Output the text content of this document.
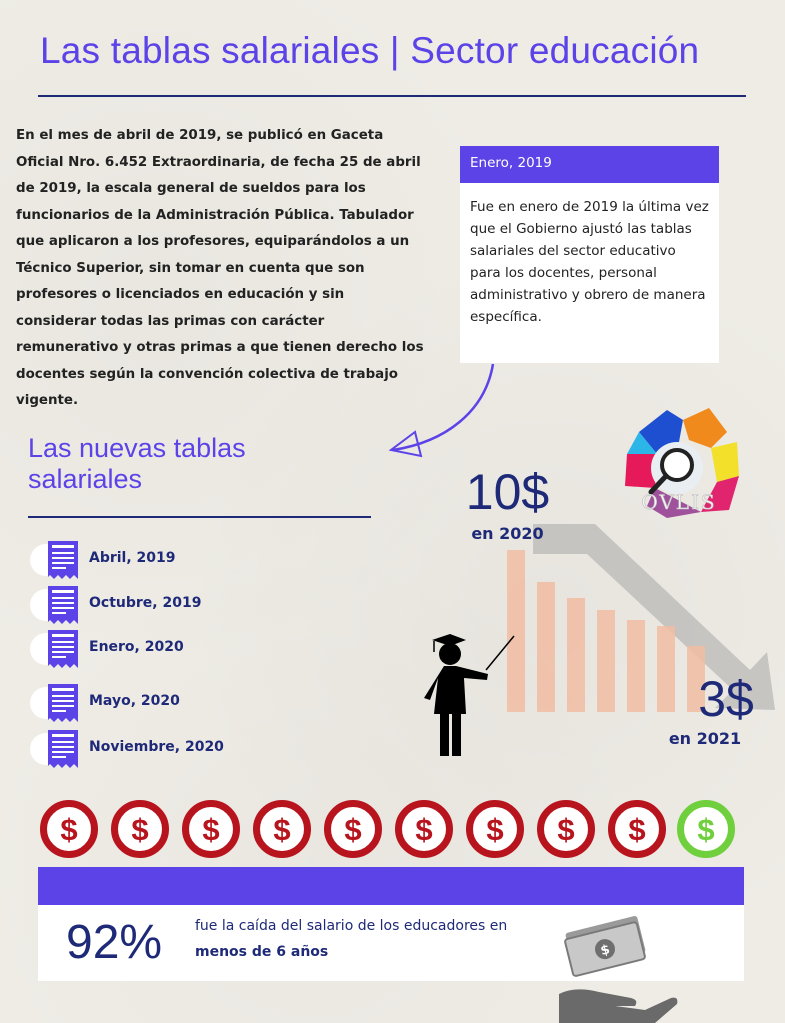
Las tablas salariales | Sector educación
En el mes de abril de 2019, se publicó en Gaceta Oficial Nro. 6.452 Extraordinaria, de fecha 25 de abril de 2019, la escala general de sueldos para los funcionarios de la Administración Pública. Tabulador que aplicaron a los profesores, equiparándolos a un Técnico Superior, sin tomar en cuenta que son profesores o licenciados en educación y sin considerar todas las primas con carácter remunerativo y otras primas a que tienen derecho los docentes según la convención colectiva de trabajo vigente.
Enero, 2019
Fue en enero de 2019 la última vez que el Gobierno ajustó las tablas salariales del sector educativo para los docentes, personal administrativo y obrero de manera específica.
Las nuevas tablas salariales
Abril, 2019
Octubre, 2019
Enero, 2020
Mayo, 2020
Noviembre, 2020
OVLIS
10$
en 2020
3$
en 2021
$ $ $ $ $ $ $ $ $ $
92% fue la caída del salario de los educadores en
menos de 6 años	$
